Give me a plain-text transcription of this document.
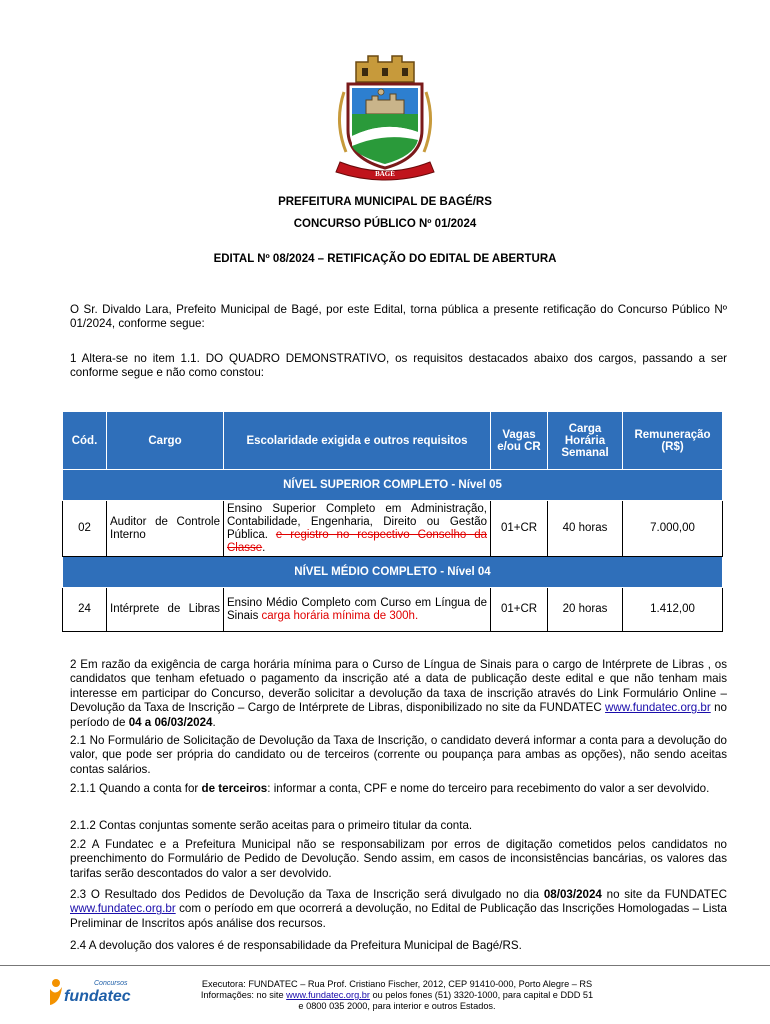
BAGÉ
PREFEITURA MUNICIPAL DE BAGÉ/RS
CONCURSO PÚBLICO Nº 01/2024
EDITAL Nº 08/2024 – RETIFICAÇÃO DO EDITAL DE ABERTURA

O Sr. Divaldo Lara, Prefeito Municipal de Bagé, por este Edital, torna pública a presente retificação do Concurso Público Nº 01/2024, conforme segue:

1 Altera-se no item 1.1. DO QUADRO DEMONSTRATIVO, os requisitos destacados abaixo dos cargos, passando a ser conforme segue e não como constou:

Cód.	Cargo	Escolaridade exigida e outros requisitos	Vagas e/ou CR	Carga Horária Semanal	Remuneração (R$)
NÍVEL SUPERIOR COMPLETO - Nível 05					
02	Auditor de Controle Interno	Ensino Superior Completo em Administração, Contabilidade, Engenharia, Direito ou Gestão Pública. e registro no respectivo Conselho da Classe.	01+CR	40 horas	7.000,00
NÍVEL MÉDIO COMPLETO - Nível 04					
24	Intérprete de Libras	Ensino Médio Completo com Curso em Língua de Sinais carga horária mínima de 300h.	01+CR	20 horas	1.412,00

2 Em razão da exigência de carga horária mínima para o Curso de Língua de Sinais para o cargo de Intérprete de Libras , os candidatos que tenham efetuado o pagamento da inscrição até a data de publicação deste edital e que não tenham mais interesse em participar do Concurso, deverão solicitar a devolução da taxa de inscrição através do Link Formulário Online – Devolução da Taxa de Inscrição – Cargo de Intérprete de Libras, disponibilizado no site da FUNDATEC www.fundatec.org.br no período de 04 a 06/03/2024.

2.1 No Formulário de Solicitação de Devolução da Taxa de Inscrição, o candidato deverá informar a conta para a devolução do valor, que pode ser própria do candidato ou de terceiros (corrente ou poupança para ambas as opções), não sendo aceitas contas salários.

2.1.1 Quando a conta for de terceiros: informar a conta, CPF e nome do terceiro para recebimento do valor a ser devolvido.

2.1.2 Contas conjuntas somente serão aceitas para o primeiro titular da conta.

2.2 A Fundatec e a Prefeitura Municipal não se responsabilizam por erros de digitação cometidos pelos candidatos no preenchimento do Formulário de Pedido de Devolução. Sendo assim, em casos de inconsistências bancárias, os valores das tarifas serão descontados do valor a ser devolvido.

2.3 O Resultado dos Pedidos de Devolução da Taxa de Inscrição será divulgado no dia 08/03/2024 no site da FUNDATEC www.fundatec.org.br com o período em que ocorrerá a devolução, no Edital de Publicação das Inscrições Homologadas – Lista Preliminar de Inscritos após análise dos recursos.

2.4 A devolução dos valores é de responsabilidade da Prefeitura Municipal de Bagé/RS.

Concursos
fundatec
Executora: FUNDATEC – Rua Prof. Cristiano Fischer, 2012, CEP 91410-000, Porto Alegre – RS
Informações: no site www.fundatec.org.br ou pelos fones (51) 3320-1000, para capital e DDD 51
e 0800 035 2000, para interior e outros Estados.
